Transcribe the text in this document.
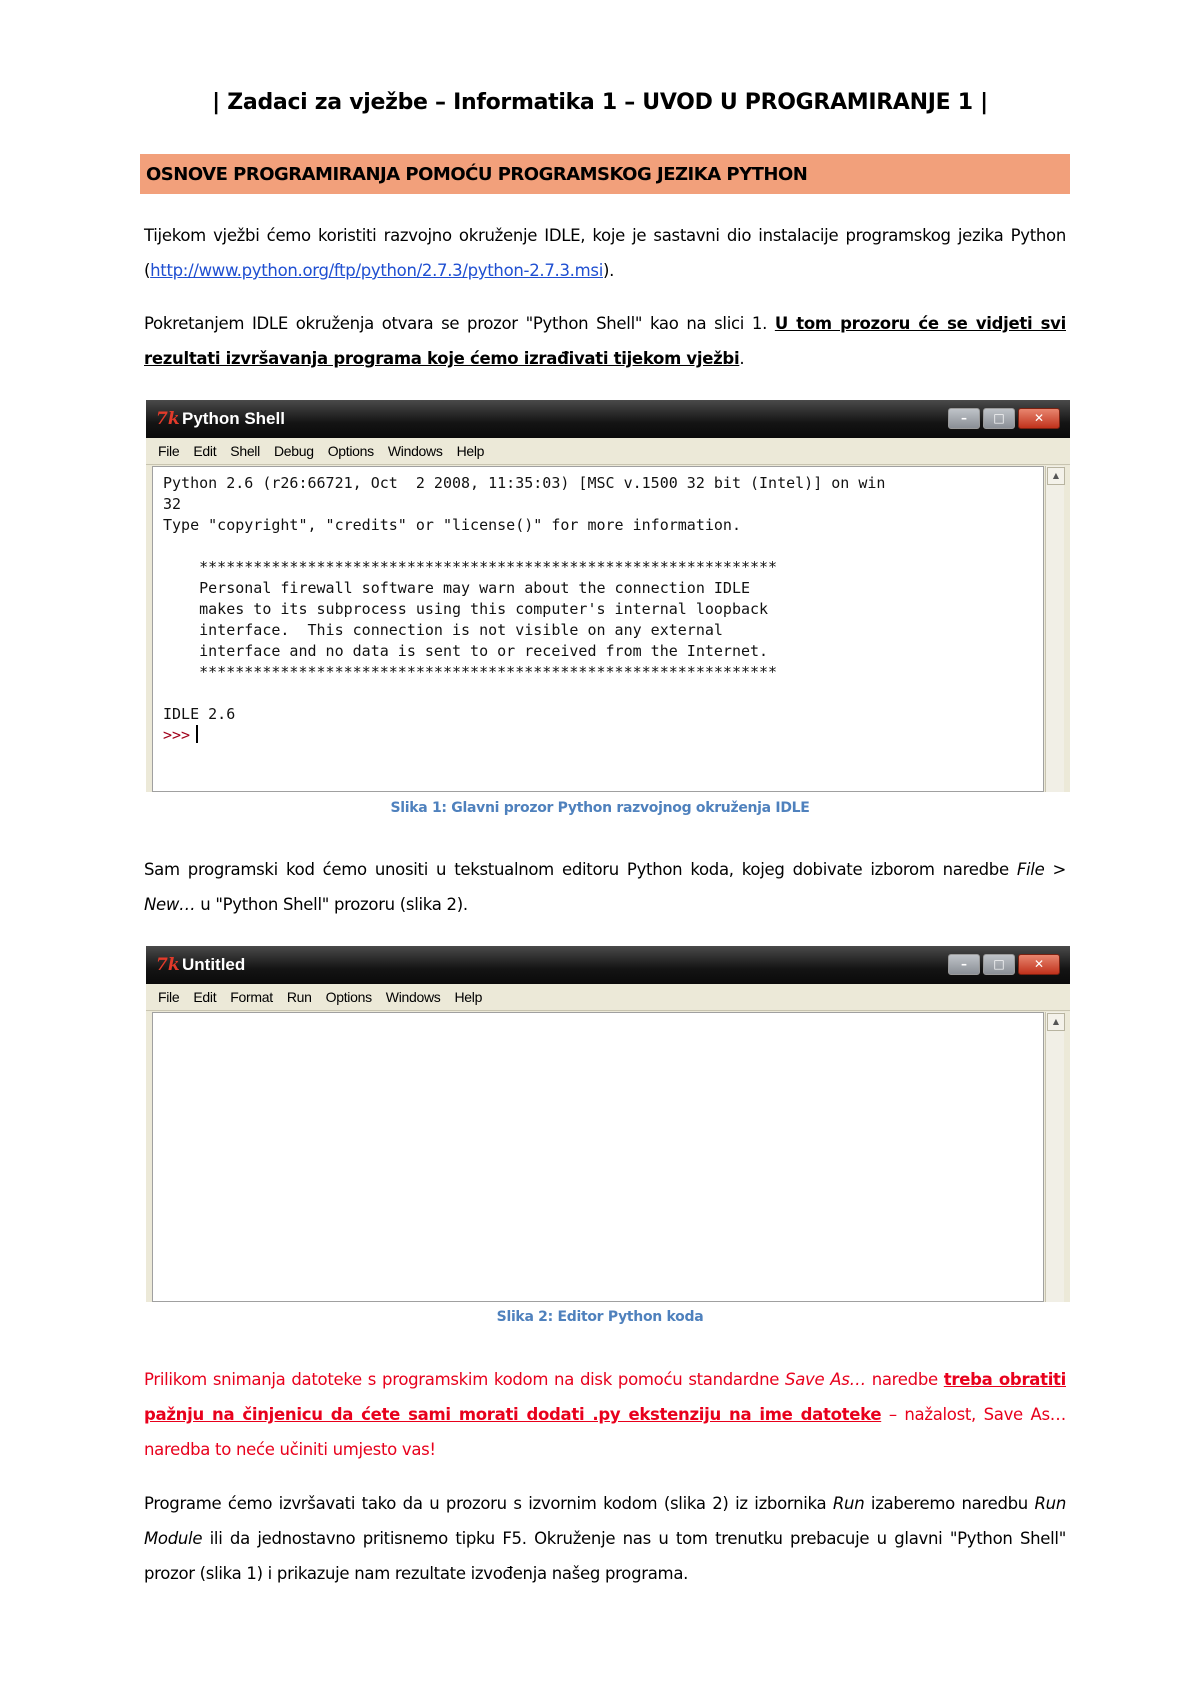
| Zadaci za vježbe – Informatika 1 – UVOD U PROGRAMIRANJE 1 |
OSNOVE PROGRAMIRANJA POMOĆU PROGRAMSKOG JEZIKA PYTHON
Tijekom vježbi ćemo koristiti razvojno okruženje IDLE, koje je sastavni dio instalacije programskog jezika Python (http://www.python.org/ftp/python/2.7.3/python-2.7.3.msi).
Pokretanjem IDLE okruženja otvara se prozor "Python Shell" kao na slici 1. U tom prozoru će se vidjeti svi rezultati izvršavanja programa koje ćemo izrađivati tijekom vježbi.
7k Python Shell	–	□	✕
File Edit Shell Debug Options Windows Help
Python 2.6 (r26:66721, Oct  2 2008, 11:35:03) [MSC v.1500 32 bit (Intel)] on win
32
Type "copyright", "credits" or "license()" for more information.

****************************************************************
Personal firewall software may warn about the connection IDLE
makes to its subprocess using this computer's internal loopback
interface.  This connection is not visible on any external
interface and no data is sent to or received from the Internet.
****************************************************************

IDLE 2.6
>>>
▲
Slika 1: Glavni prozor Python razvojnog okruženja IDLE
Sam programski kod ćemo unositi u tekstualnom editoru Python koda, kojeg dobivate izborom naredbe File > New… u "Python Shell" prozoru (slika 2).
7k Untitled	–	□	✕
File Edit Format Run Options Windows Help
▲
Slika 2: Editor Python koda
Prilikom snimanja datoteke s programskim kodom na disk pomoću standardne Save As… naredbe treba obratiti pažnju na činjenicu da ćete sami morati dodati .py ekstenziju na ime datoteke – nažalost, Save As… naredba to neće učiniti umjesto vas!
Programe ćemo izvršavati tako da u prozoru s izvornim kodom (slika 2) iz izbornika Run izaberemo naredbu Run Module ili da jednostavno pritisnemo tipku F5. Okruženje nas u tom trenutku prebacuje u glavni "Python Shell" prozor (slika 1) i prikazuje nam rezultate izvođenja našeg programa.
